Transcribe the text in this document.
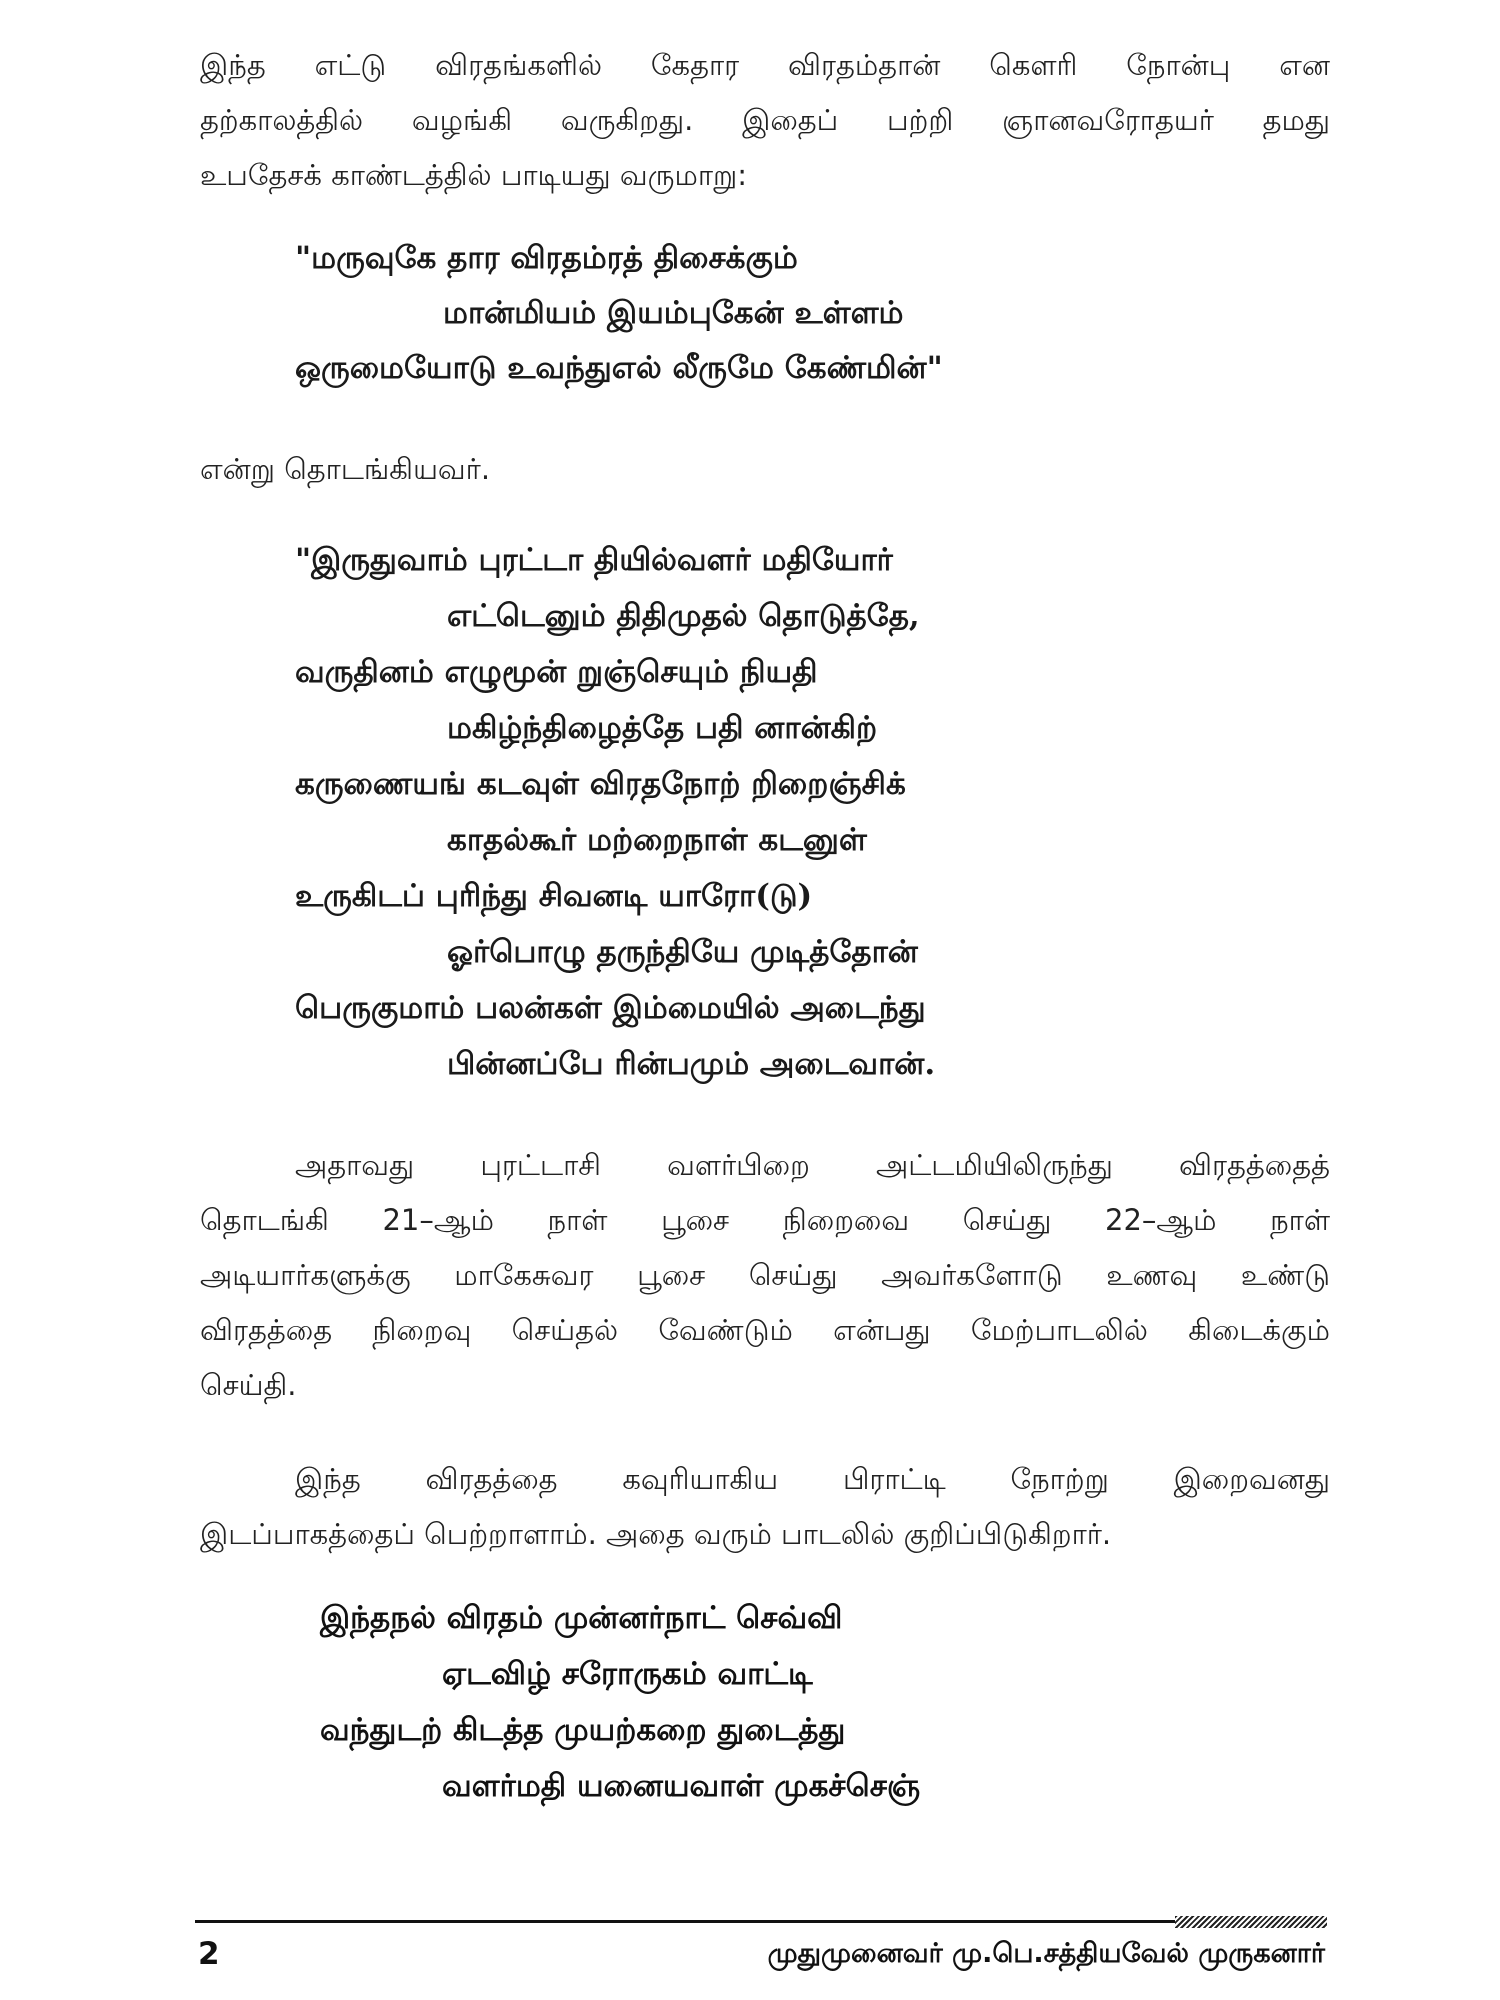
இந்த எட்டு விரதங்களில் கேதார விரதம்தான் கௌரி நோன்பு என
தற்காலத்தில் வழங்கி வருகிறது. இதைப் பற்றி ஞானவரோதயர் தமது
உபதேசக் காண்டத்தில் பாடியது வருமாறு:
"மருவுகே தார விரதம்ரத் திசைக்கும்
மான்மியம் இயம்புகேன் உள்ளம்
ஒருமையோடு உவந்துஎல் லீருமே கேண்மின்"
என்று தொடங்கியவர்.
"இருதுவாம் புரட்டா தியில்வளர் மதியோர்
எட்டெனும் திதிமுதல் தொடுத்தே,
வருதினம் எழுமூன் றுஞ்செயும் நியதி
மகிழ்ந்திழைத்தே பதி னான்கிற்
கருணையங் கடவுள் விரதநோற் றிறைஞ்சிக்
காதல்கூர் மற்றைநாள் கடனுள்
உருகிடப் புரிந்து சிவனடி யாரோ(டு)
ஓர்பொழு தருந்தியே முடித்தோன்
பெருகுமாம் பலன்கள் இம்மையில் அடைந்து
பின்னப்பே ரின்பமும் அடைவான்.
அதாவது புரட்டாசி வளர்பிறை அட்டமியிலிருந்து விரதத்தைத்
தொடங்கி 21–ஆம் நாள் பூசை நிறைவை செய்து 22–ஆம் நாள்
அடியார்களுக்கு மாகேசுவர பூசை செய்து அவர்களோடு உணவு உண்டு
விரதத்தை நிறைவு செய்தல் வேண்டும் என்பது மேற்பாடலில் கிடைக்கும்
செய்தி.
இந்த விரதத்தை கவுரியாகிய பிராட்டி நோற்று இறைவனது
இடப்பாகத்தைப் பெற்றாளாம். அதை வரும் பாடலில் குறிப்பிடுகிறார்.
இந்தநல் விரதம் முன்னர்நாட் செவ்வி
ஏடவிழ் சரோருகம் வாட்டி
வந்துடற் கிடத்த முயற்கறை துடைத்து
வளர்மதி யனையவாள் முகச்செஞ்
2	முதுமுனைவர் மு.பெ.சத்தியவேல் முருகனார்
